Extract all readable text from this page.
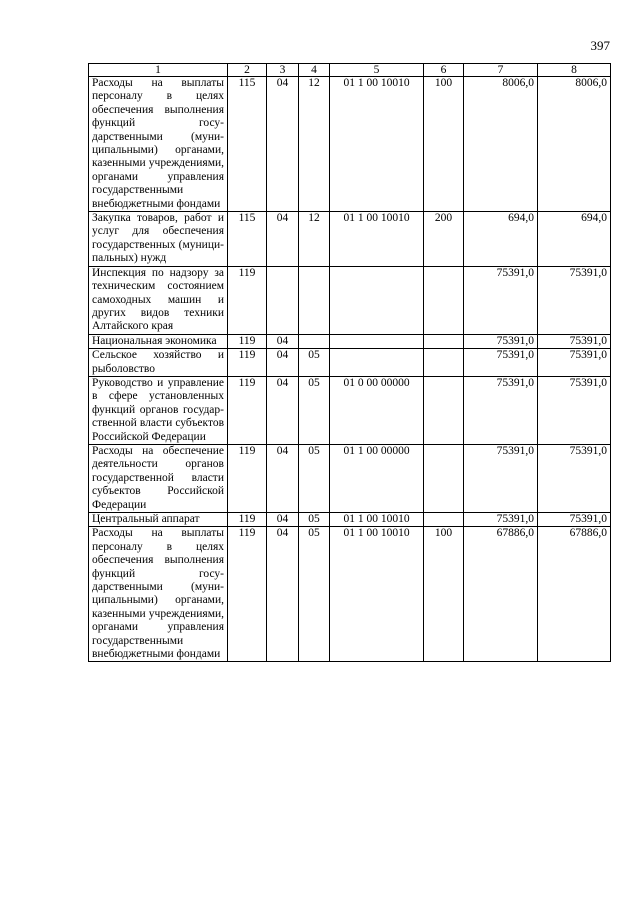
397
1	2	3	4	5	6	7	8
Расходы на выплаты персоналу в целях обеспечения выполнения функций государственными (муниципальными) органами, казенными учреждениями, органами управления государственными внебюджетными фондами	115	04	12	01 1 00 10010	100	8006,0	8006,0
Закупка товаров, работ и услуг для обеспечения государственных (муниципальных) нужд	115	04	12	01 1 00 10010	200	694,0	694,0
Инспекция по надзору за техническим состоянием самоходных машин и других видов техники Алтайского края	119					75391,0	75391,0
Национальная экономика	119	04				75391,0	75391,0
Сельское хозяйство и рыболовство	119	04	05			75391,0	75391,0
Руководство и управление в сфере установленных функций органов государственной власти субъектов Российской Федерации	119	04	05	01 0 00 00000		75391,0	75391,0
Расходы на обеспечение деятельности органов государственной власти субъектов Российской Федерации	119	04	05	01 1 00 00000		75391,0	75391,0
Центральный аппарат	119	04	05	01 1 00 10010		75391,0	75391,0
Расходы на выплаты персоналу в целях обеспечения выполнения функций государственными (муниципальными) органами, казенными учреждениями, органами управления государственными внебюджетными фондами	119	04	05	01 1 00 10010	100	67886,0	67886,0
